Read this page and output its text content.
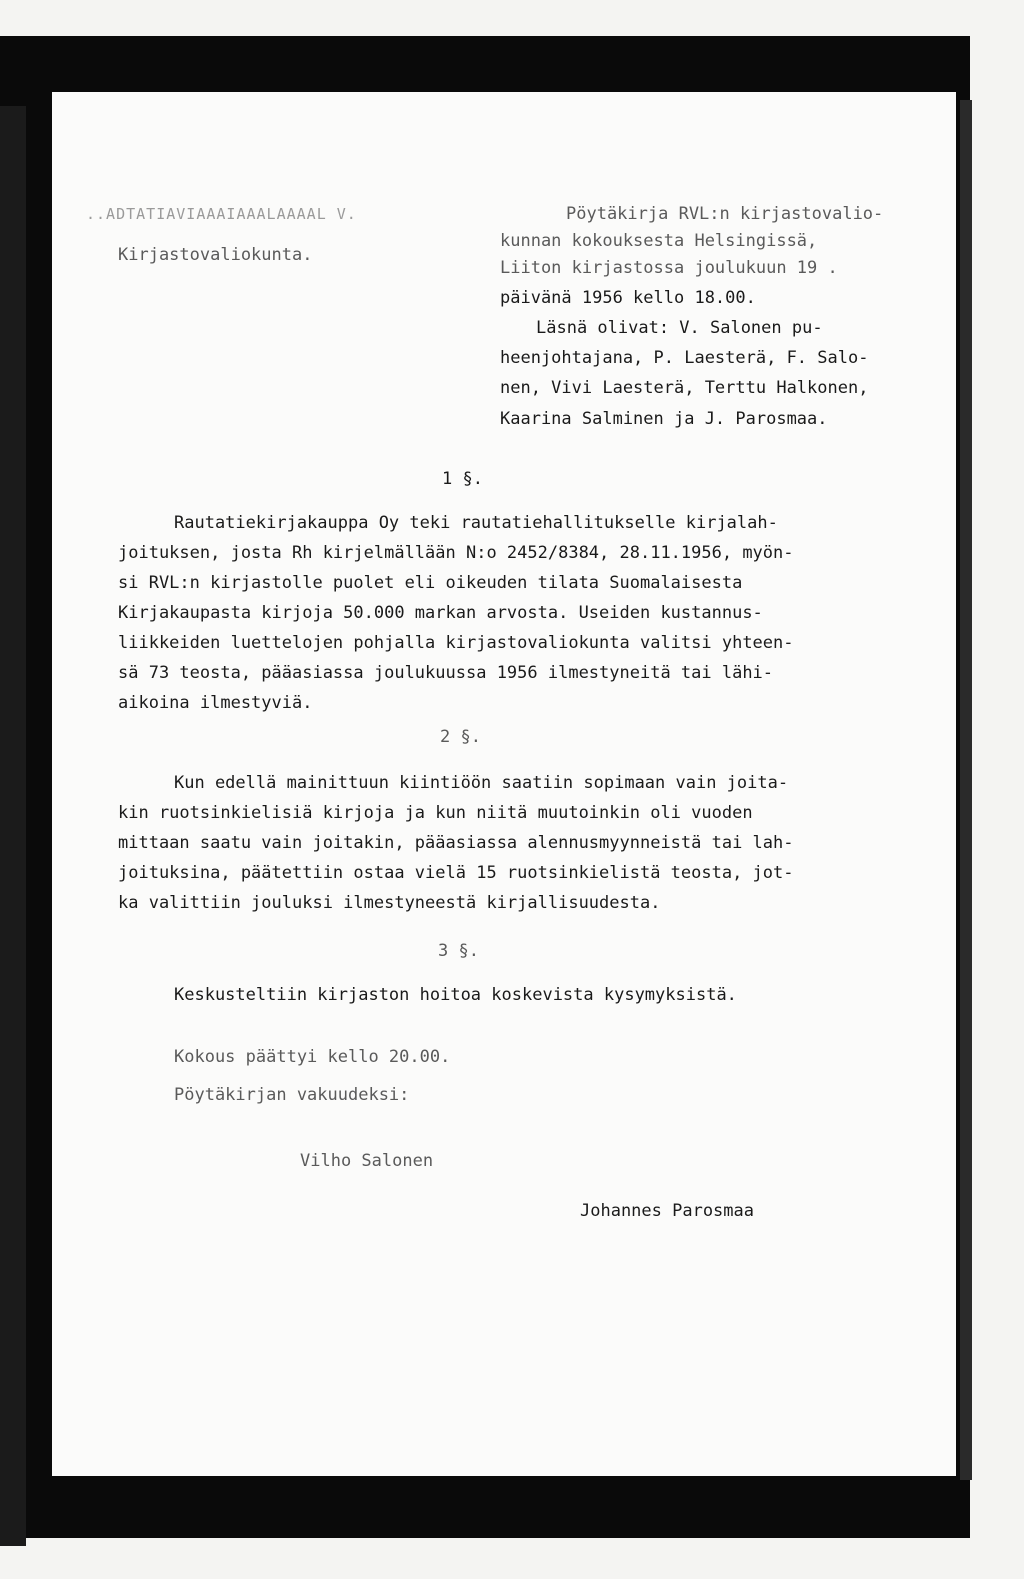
..ADTATIAVIAAAIAAALAAAAL V.
Kirjastovaliokunta.
Pöytäkirja RVL:n kirjastovalio-
kunnan kokouksesta Helsingissä,
Liiton kirjastossa joulukuun 19 .
päivänä 1956 kello 18.00.
Läsnä olivat: V. Salonen pu-
heenjohtajana, P. Laesterä, F. Salo-
nen, Vivi Laesterä, Terttu Halkonen,
Kaarina Salminen ja J. Parosmaa.
1 §.
Rautatiekirjakauppa Oy teki rautatiehallitukselle kirjalah-
joituksen, josta Rh kirjelmällään N:o 2452/8384, 28.11.1956, myön-
si RVL:n kirjastolle puolet eli oikeuden tilata Suomalaisesta
Kirjakaupasta kirjoja 50.000 markan arvosta. Useiden kustannus-
liikkeiden luettelojen pohjalla kirjastovaliokunta valitsi yhteen-
sä 73 teosta, pääasiassa joulukuussa 1956 ilmestyneitä tai lähi-
aikoina ilmestyviä.
2 §.
Kun edellä mainittuun kiintiöön saatiin sopimaan vain joita-
kin ruotsinkielisiä kirjoja ja kun niitä muutoinkin oli vuoden
mittaan saatu vain joitakin, pääasiassa alennusmyynneistä tai lah-
joituksina, päätettiin ostaa vielä 15 ruotsinkielistä teosta, jot-
ka valittiin jouluksi ilmestyneestä kirjallisuudesta.
3 §.
Keskusteltiin kirjaston hoitoa koskevista kysymyksistä.
Kokous päättyi kello 20.00.
Pöytäkirjan vakuudeksi:
Vilho Salonen
Johannes Parosmaa
